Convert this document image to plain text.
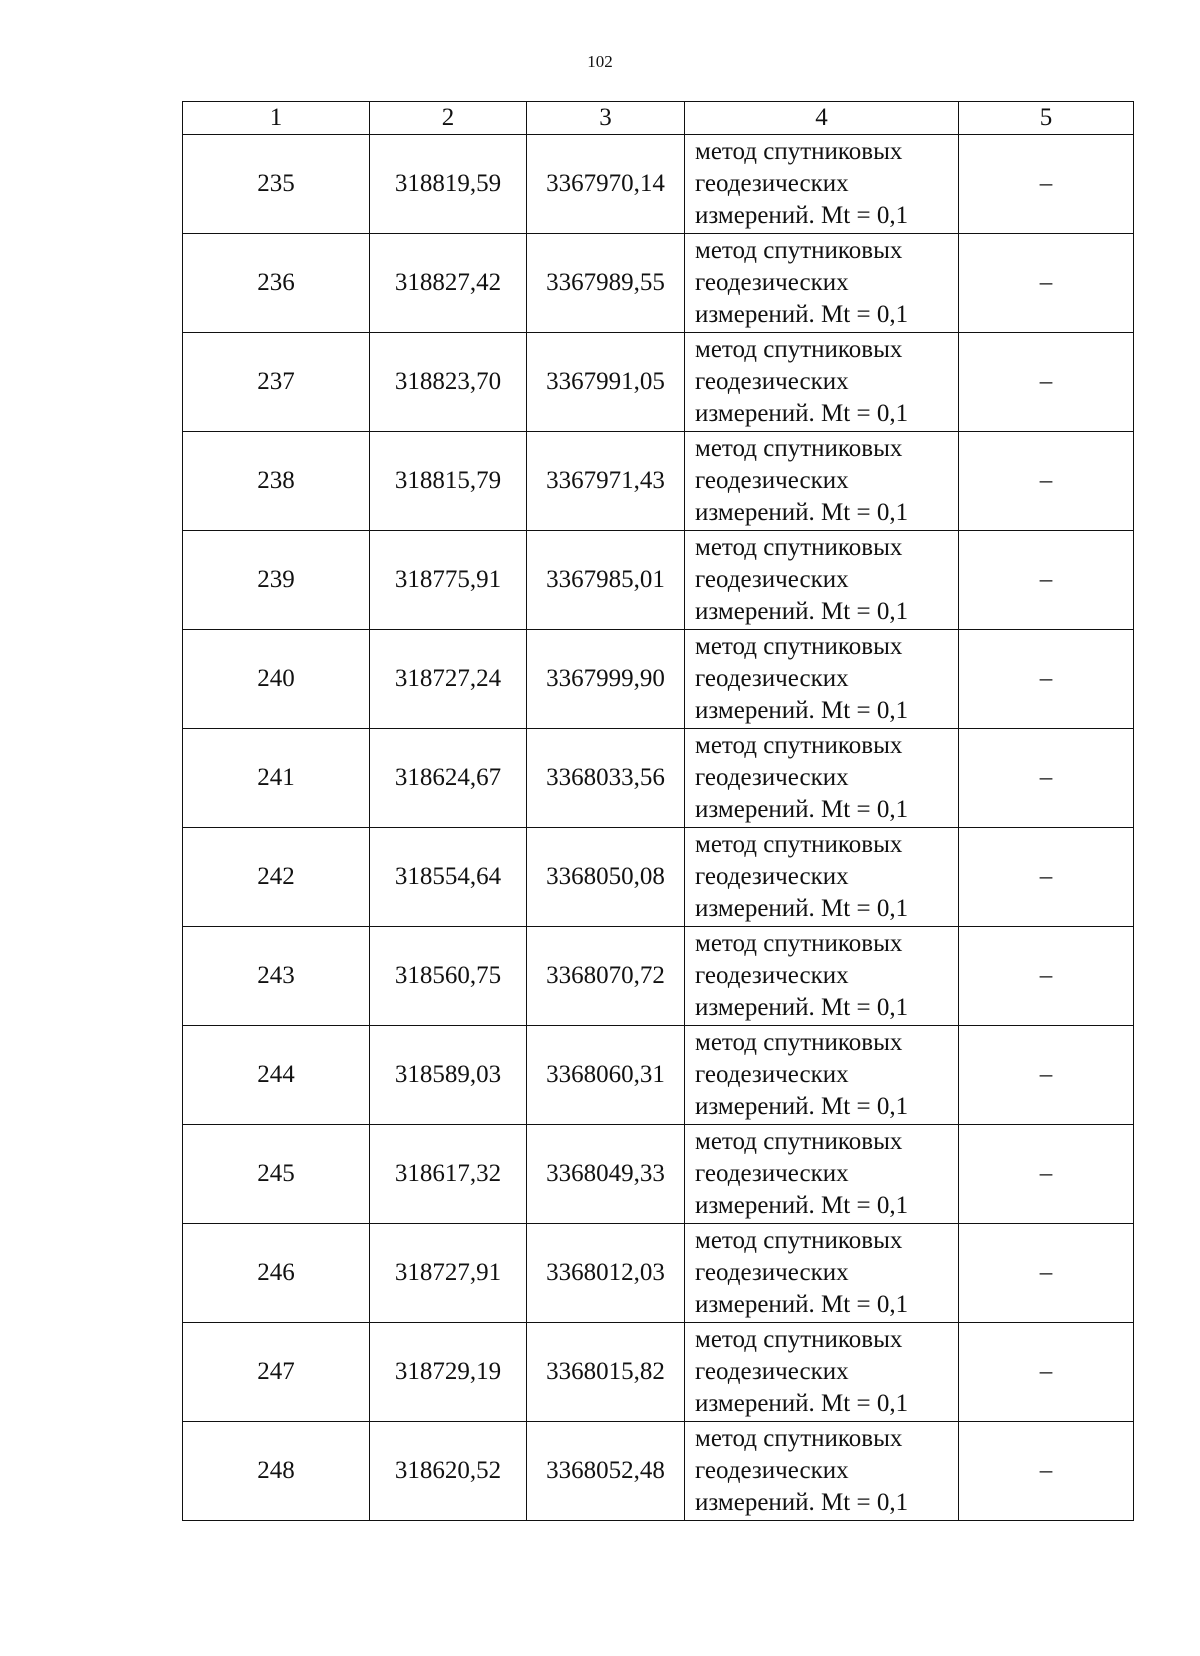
102
1	2	3	4	5
235	318819,59	3367970,14	метод спутниковых
геодезических
измерений. Mt = 0,1	–
236	318827,42	3367989,55	метод спутниковых
геодезических
измерений. Mt = 0,1	–
237	318823,70	3367991,05	метод спутниковых
геодезических
измерений. Mt = 0,1	–
238	318815,79	3367971,43	метод спутниковых
геодезических
измерений. Mt = 0,1	–
239	318775,91	3367985,01	метод спутниковых
геодезических
измерений. Mt = 0,1	–
240	318727,24	3367999,90	метод спутниковых
геодезических
измерений. Mt = 0,1	–
241	318624,67	3368033,56	метод спутниковых
геодезических
измерений. Mt = 0,1	–
242	318554,64	3368050,08	метод спутниковых
геодезических
измерений. Mt = 0,1	–
243	318560,75	3368070,72	метод спутниковых
геодезических
измерений. Mt = 0,1	–
244	318589,03	3368060,31	метод спутниковых
геодезических
измерений. Mt = 0,1	–
245	318617,32	3368049,33	метод спутниковых
геодезических
измерений. Mt = 0,1	–
246	318727,91	3368012,03	метод спутниковых
геодезических
измерений. Mt = 0,1	–
247	318729,19	3368015,82	метод спутниковых
геодезических
измерений. Mt = 0,1	–
248	318620,52	3368052,48	метод спутниковых
геодезических
измерений. Mt = 0,1	–
